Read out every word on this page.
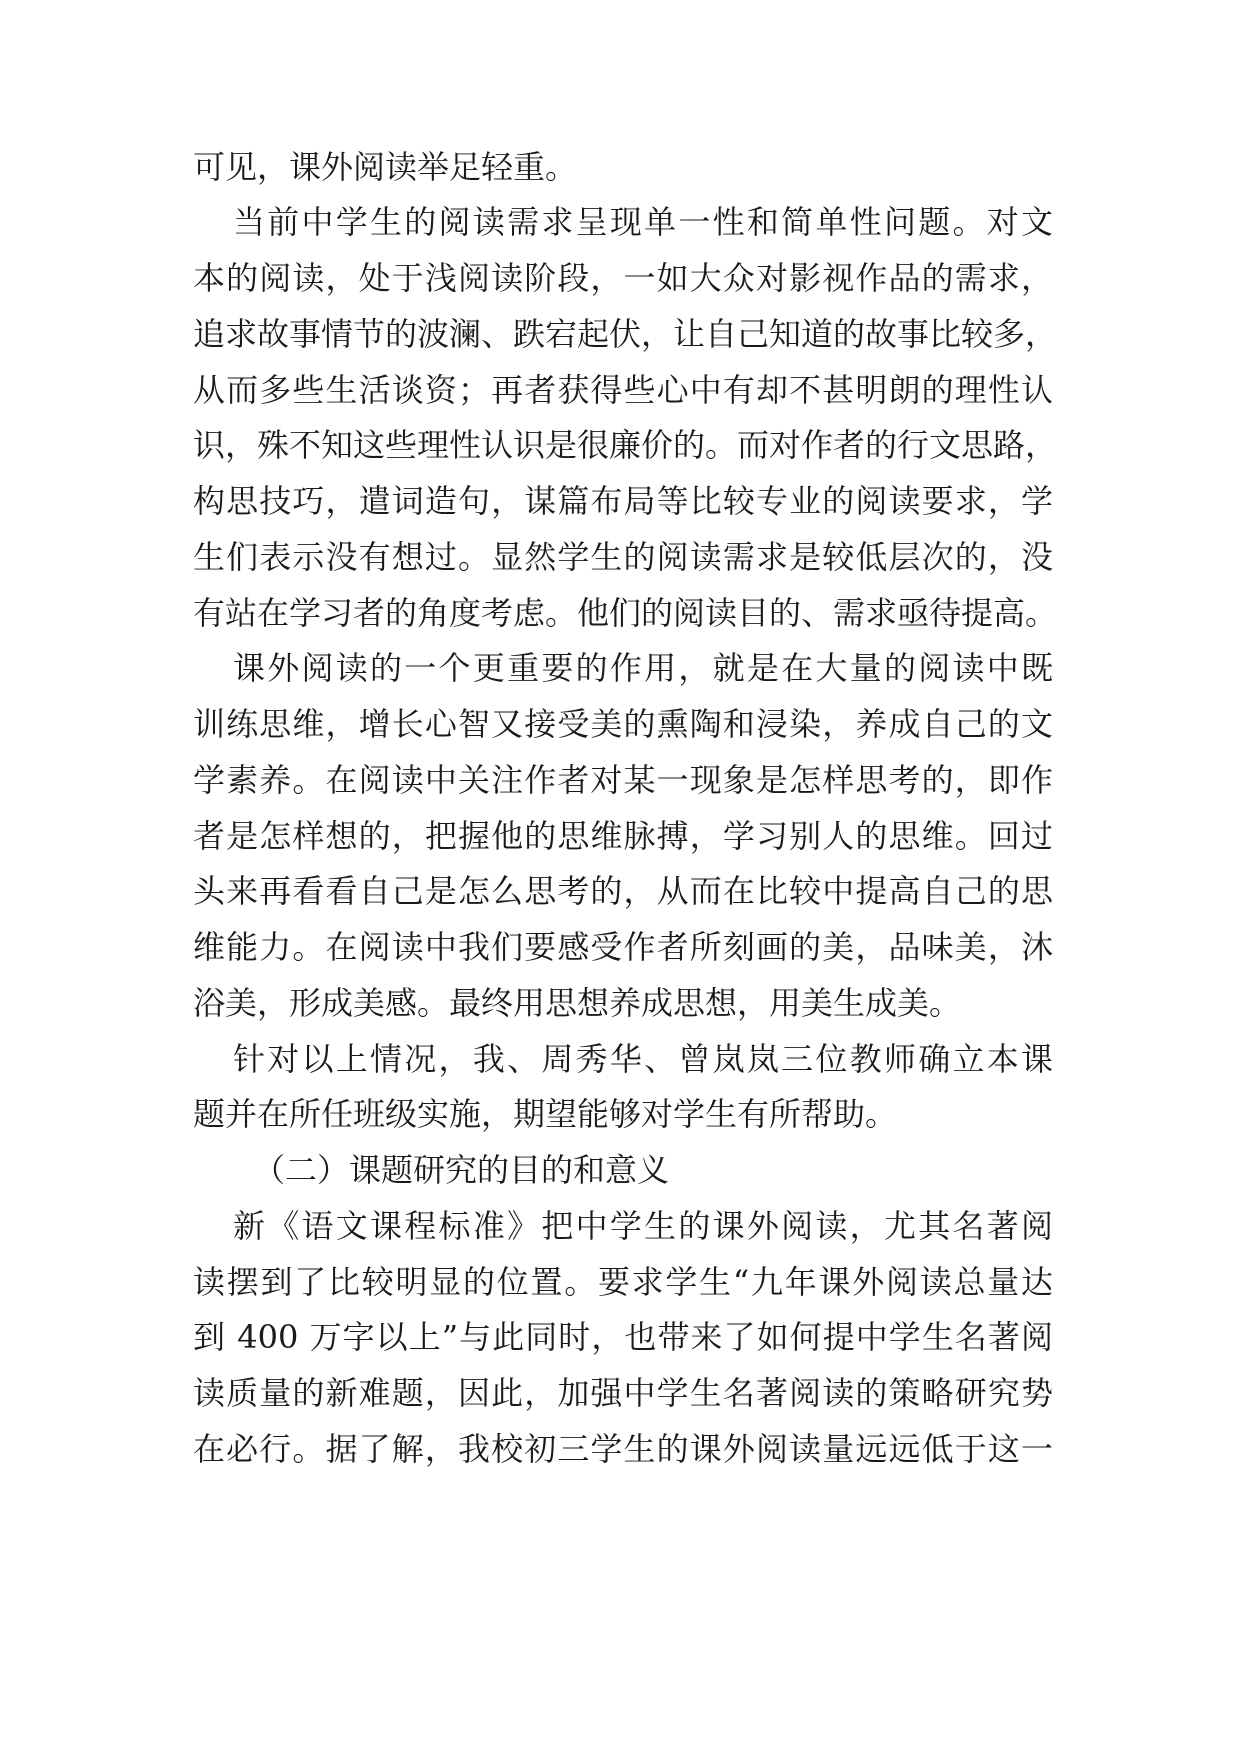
可见，课外阅读举足轻重。
当前中学生的阅读需求呈现单一性和简单性问题。对文
本的阅读，处于浅阅读阶段，一如大众对影视作品的需求，
追求故事情节的波澜、跌宕起伏，让自己知道的故事比较多，
从而多些生活谈资；再者获得些心中有却不甚明朗的理性认
识，殊不知这些理性认识是很廉价的。而对作者的行文思路，
构思技巧，遣词造句，谋篇布局等比较专业的阅读要求，学
生们表示没有想过。显然学生的阅读需求是较低层次的，没
有站在学习者的角度考虑。他们的阅读目的、需求亟待提高。
课外阅读的一个更重要的作用，就是在大量的阅读中既
训练思维，增长心智又接受美的熏陶和浸染，养成自己的文
学素养。在阅读中关注作者对某一现象是怎样思考的，即作
者是怎样想的，把握他的思维脉搏，学习别人的思维。回过
头来再看看自己是怎么思考的，从而在比较中提高自己的思
维能力。在阅读中我们要感受作者所刻画的美，品味美，沐
浴美，形成美感。最终用思想养成思想，用美生成美。
针对以上情况，我、周秀华、曾岚岚三位教师确立本课
题并在所任班级实施，期望能够对学生有所帮助。
（二）课题研究的目的和意义
新《语文课程标准》把中学生的课外阅读，尤其名著阅
读摆到了比较明显的位置。要求学生“九年课外阅读总量达
到 400 万字以上”与此同时，也带来了如何提中学生名著阅
读质量的新难题，因此，加强中学生名著阅读的策略研究势
在必行。据了解，我校初三学生的课外阅读量远远低于这一
